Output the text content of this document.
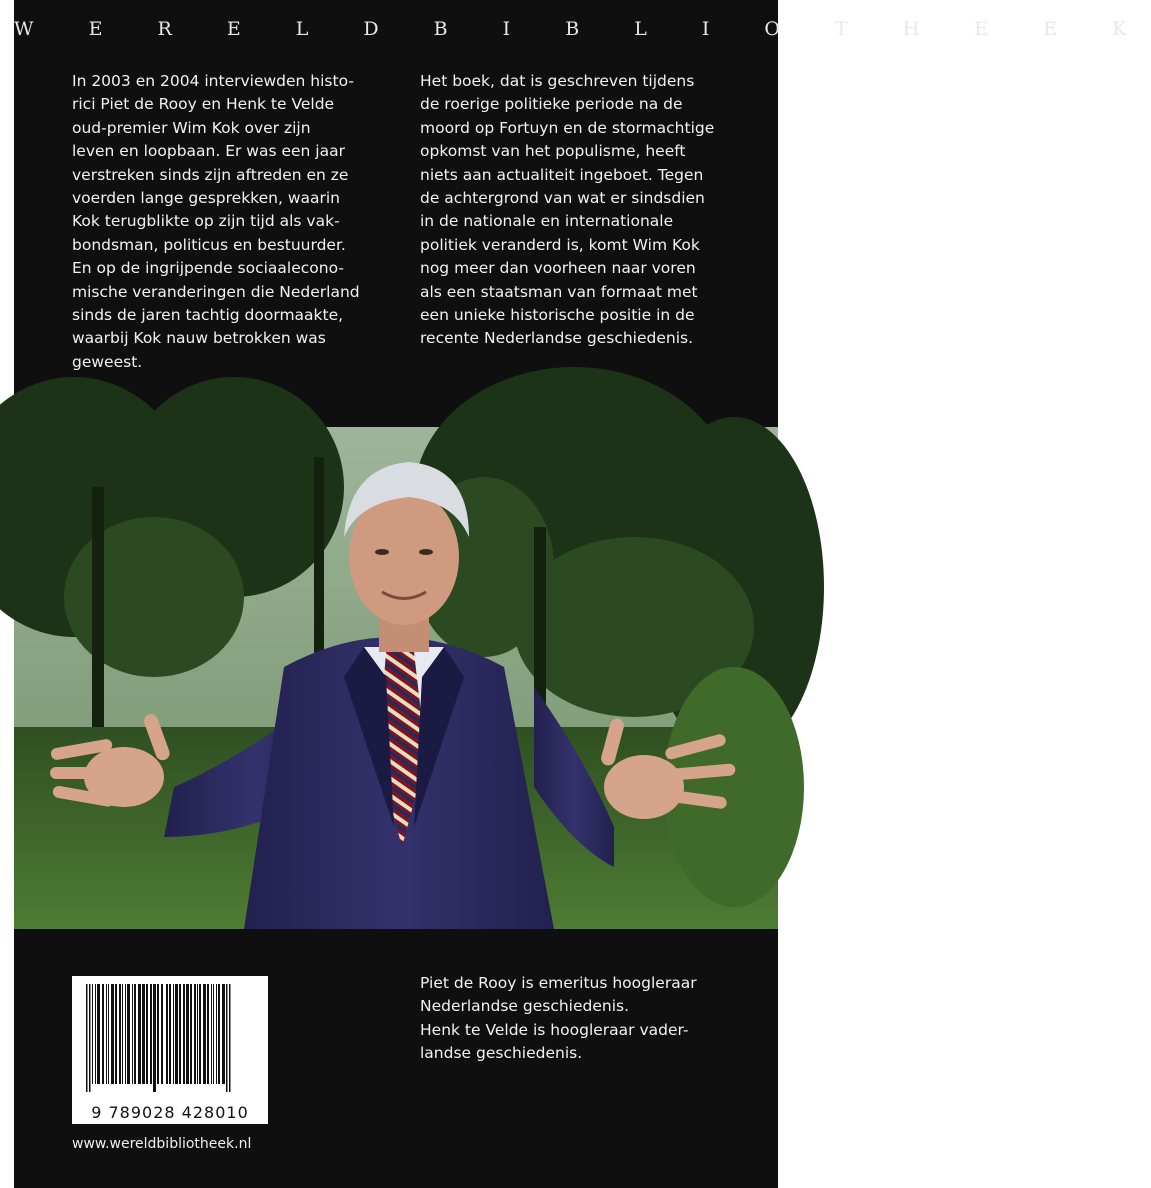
W E R E L D B I B L I O T H E E K
In 2003 en 2004 interviewden histo-
rici Piet de Rooy en Henk te Velde
oud-premier Wim Kok over zijn
leven en loopbaan. Er was een jaar
verstreken sinds zijn aftreden en ze
voerden lange gesprekken, waarin
Kok terugblikte op zijn tijd als vak-
bondsman, politicus en bestuurder.
En op de ingrijpende sociaalecono-
mische veranderingen die Nederland
sinds de jaren tachtig doormaakte,
waarbij Kok nauw betrokken was
geweest.
Het boek, dat is geschreven tijdens
de roerige politieke periode na de
moord op Fortuyn en de stormachtige
opkomst van het populisme, heeft
niets aan actualiteit ingeboet. Tegen
de achtergrond van wat er sindsdien
in de nationale en internationale
politiek veranderd is, komt Wim Kok
nog meer dan voorheen naar voren
als een staatsman van formaat met
een unieke historische positie in de
recente Nederlandse geschiedenis.
9 789028 428010
www.wereldbibliotheek.nl
Piet de Rooy is emeritus hoogleraar
Nederlandse geschiedenis.
Henk te Velde is hoogleraar vader-
landse geschiedenis.
